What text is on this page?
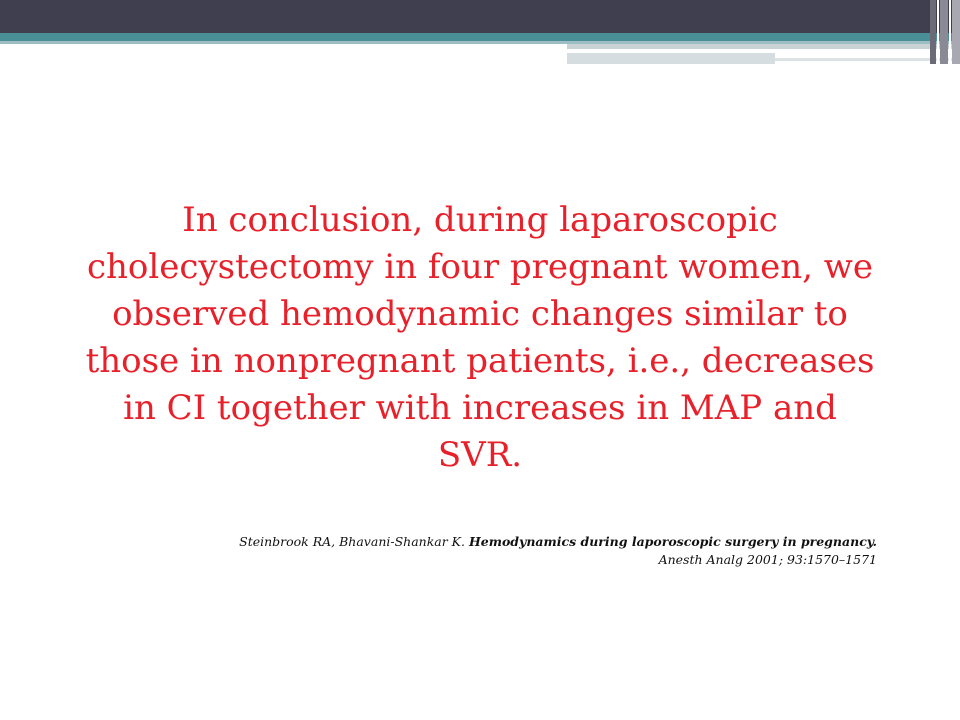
In conclusion, during laparoscopic cholecystectomy in four pregnant women, we observed hemodynamic changes similar to those in nonpregnant patients, i.e., decreases in CI together with increases in MAP and SVR.

Steinbrook RA, Bhavani-Shankar K. Hemodynamics during laporoscopic surgery in pregnancy. Anesth Analg 2001; 93:1570–1571
